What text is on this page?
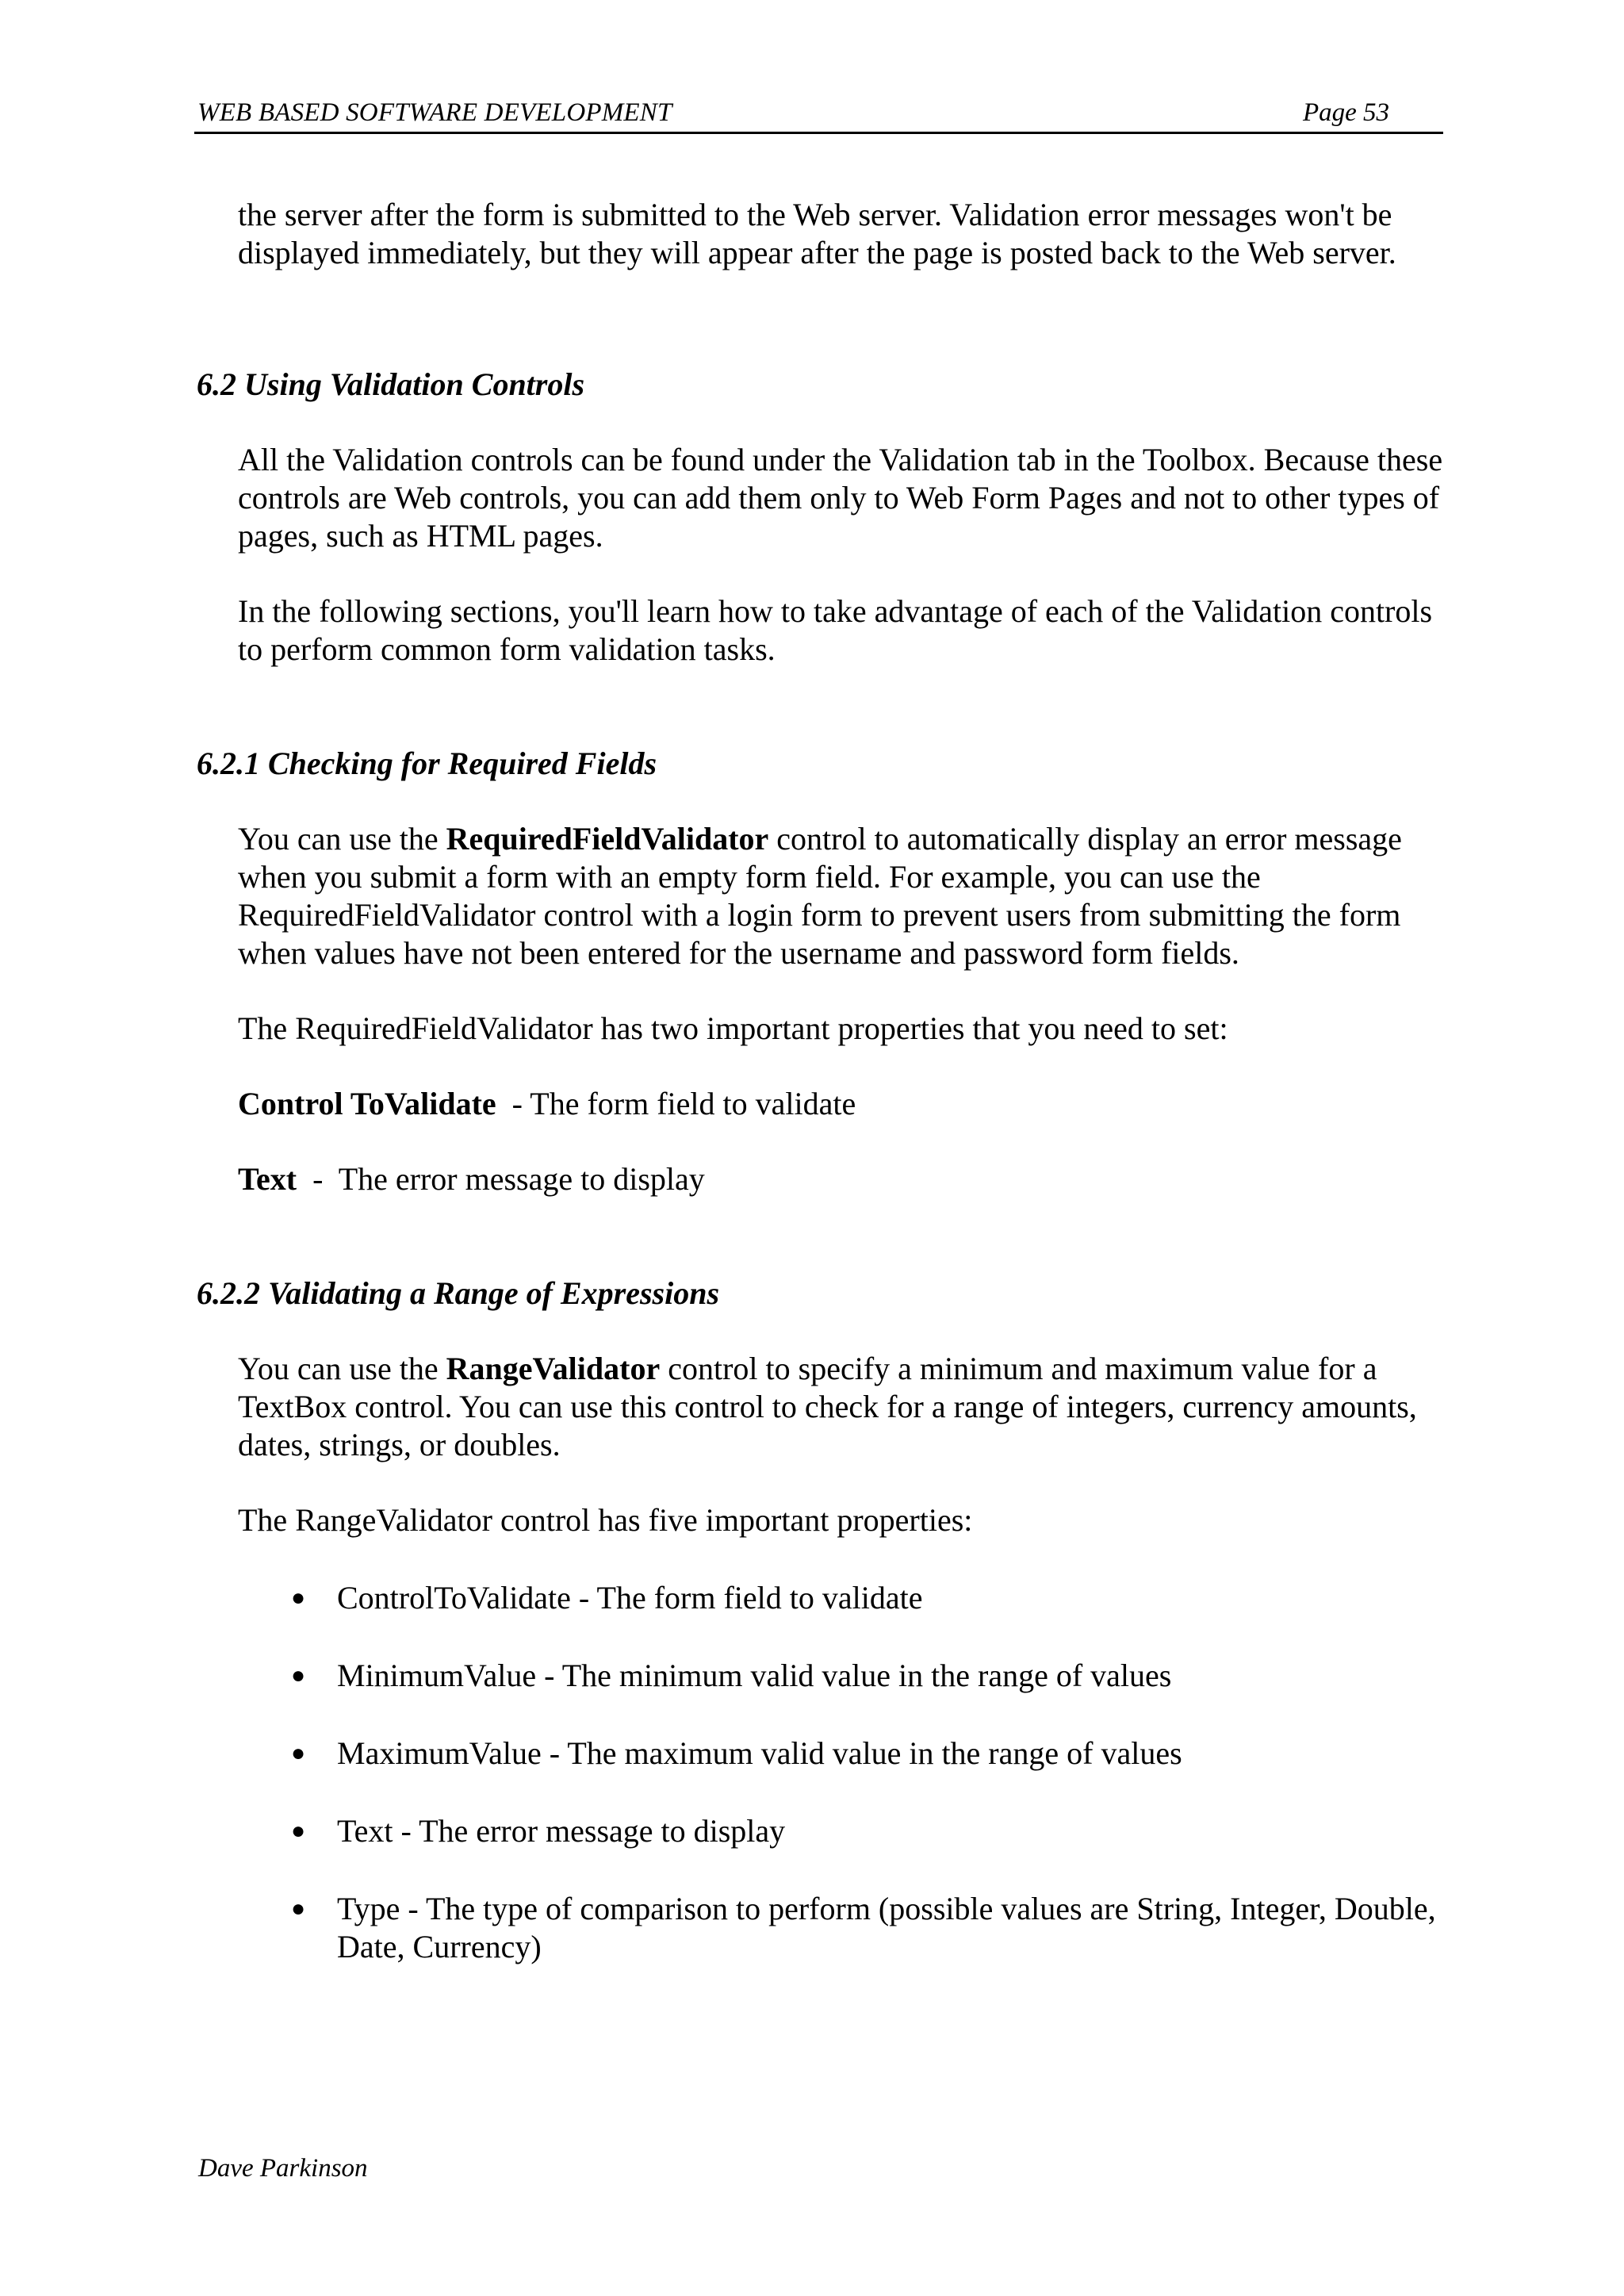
WEB BASED SOFTWARE DEVELOPMENT	Page 53

the server after the form is submitted to the Web server. Validation error messages won't be displayed immediately, but they will appear after the page is posted back to the Web server.

6.2 Using Validation Controls

All the Validation controls can be found under the Validation tab in the Toolbox. Because these controls are Web controls, you can add them only to Web Form Pages and not to other types of pages, such as HTML pages.

In the following sections, you'll learn how to take advantage of each of the Validation controls to perform common form validation tasks.

6.2.1 Checking for Required Fields

You can use the RequiredFieldValidator control to automatically display an error message when you submit a form with an empty form field. For example, you can use the RequiredFieldValidator control with a login form to prevent users from submitting the form when values have not been entered for the username and password form fields.

The RequiredFieldValidator has two important properties that you need to set:

Control ToValidate  - The form field to validate

Text  -  The error message to display

6.2.2 Validating a Range of Expressions

You can use the RangeValidator control to specify a minimum and maximum value for a TextBox control. You can use this control to check for a range of integers, currency amounts, dates, strings, or doubles.

The RangeValidator control has five important properties:

● ControlToValidate - The form field to validate
● MinimumValue - The minimum valid value in the range of values
● MaximumValue - The maximum valid value in the range of values
● Text - The error message to display
● Type - The type of comparison to perform (possible values are String, Integer, Double, Date, Currency)
Dave Parkinson
